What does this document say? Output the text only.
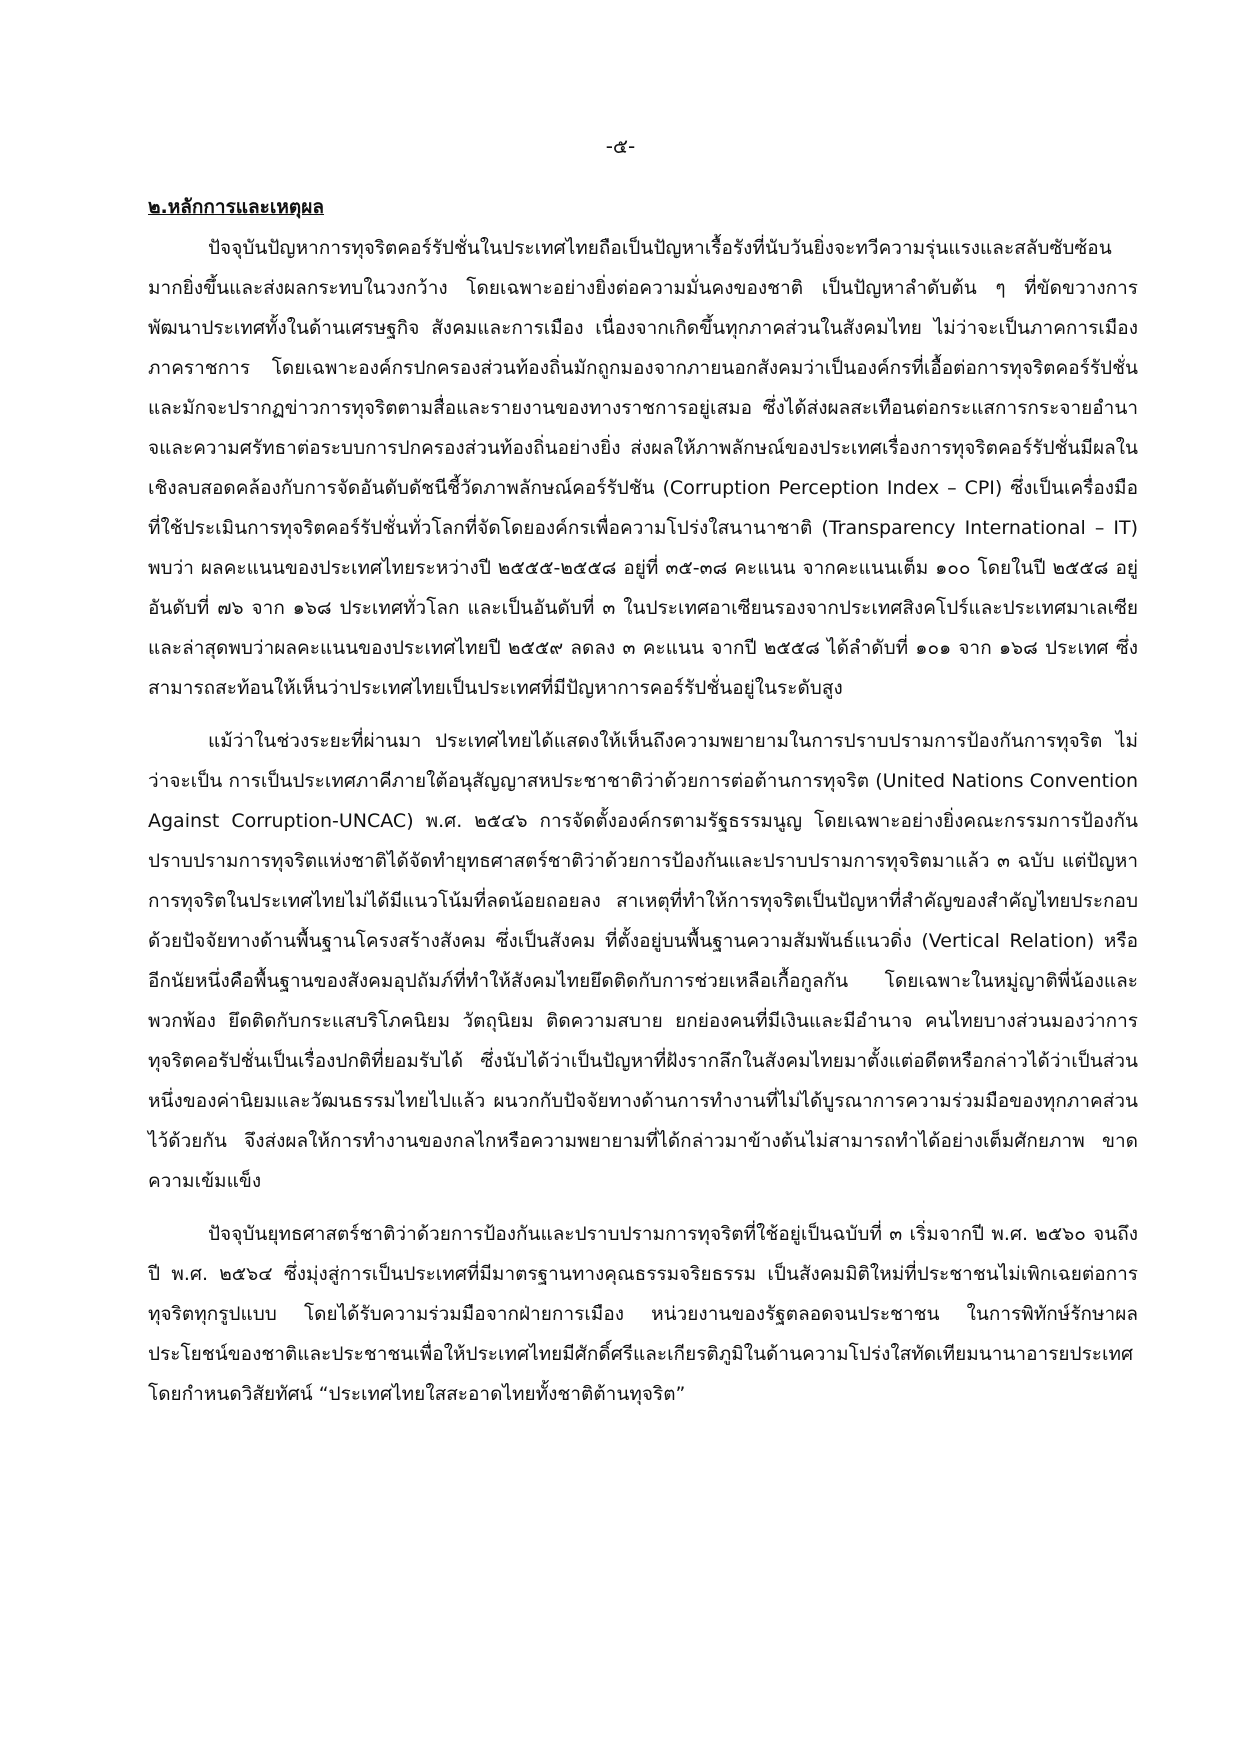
-๕-
๒.หลักการและเหตุผล

ปัจจุบันปัญหาการทุจริตคอร์รัปชั่นในประเทศไทยถือเป็นปัญหาเรื้อรังที่นับวันยิ่งจะทวีความรุ่นแรงและสลับซับซ้อนมากยิ่งขึ้นและส่งผลกระทบในวงกว้าง โดยเฉพาะอย่างยิ่งต่อความมั่นคงของชาติ เป็นปัญหาลำดับต้น ๆ ที่ขัดขวางการพัฒนาประเทศทั้งในด้านเศรษฐกิจ สังคมและการเมือง เนื่องจากเกิดขึ้นทุกภาคส่วนในสังคมไทย ไม่ว่าจะเป็นภาคการเมือง ภาคราชการ โดยเฉพาะองค์กรปกครองส่วนท้องถิ่นมักถูกมองจากภายนอกสังคมว่าเป็นองค์กรที่เอื้อต่อการทุจริตคอร์รัปชั่นและมักจะปรากฏข่าวการทุจริตตามสื่อและรายงานของทางราชการอยู่เสมอ ซึ่งได้ส่งผลสะเทือนต่อกระแสการกระจายอำนาจและความศรัทธาต่อระบบการปกครองส่วนท้องถิ่นอย่างยิ่ง ส่งผลให้ภาพลักษณ์ของประเทศเรื่องการทุจริตคอร์รัปชั่นมีผลในเชิงลบสอดคล้องกับการจัดอันดับดัชนีชี้วัดภาพลักษณ์คอร์รัปชัน (Corruption Perception Index – CPI) ซึ่งเป็นเครื่องมือที่ใช้ประเมินการทุจริตคอร์รัปชั่นทั่วโลกที่จัดโดยองค์กรเพื่อความโปร่งใสนานาชาติ (Transparency International – IT) พบว่า ผลคะแนนของประเทศไทยระหว่างปี ๒๕๕๕-๒๕๕๘ อยู่ที่ ๓๕-๓๘ คะแนน จากคะแนนเต็ม ๑๐๐ โดยในปี ๒๕๕๘ อยู่อันดับที่ ๗๖ จาก ๑๖๘ ประเทศทั่วโลก และเป็นอันดับที่ ๓ ในประเทศอาเซียนรองจากประเทศสิงคโปร์และประเทศมาเลเซีย และล่าสุดพบว่าผลคะแนนของประเทศไทยปี ๒๕๕๙ ลดลง ๓ คะแนน จากปี ๒๕๕๘ ได้ลำดับที่ ๑๐๑ จาก ๑๖๘ ประเทศ ซึ่งสามารถสะท้อนให้เห็นว่าประเทศไทยเป็นประเทศที่มีปัญหาการคอร์รัปชั่นอยู่ในระดับสูง

แม้ว่าในช่วงระยะที่ผ่านมา ประเทศไทยได้แสดงให้เห็นถึงความพยายามในการปราบปรามการป้องกันการทุจริต ไม่ว่าจะเป็น การเป็นประเทศภาคีภายใต้อนุสัญญาสหประชาชาติว่าด้วยการต่อต้านการทุจริต (United Nations Convention Against Corruption-UNCAC) พ.ศ. ๒๕๔๖ การจัดตั้งองค์กรตามรัฐธรรมนูญ โดยเฉพาะอย่างยิ่งคณะกรรมการป้องกันปราบปรามการทุจริตแห่งชาติได้จัดทำยุทธศาสตร์ชาติว่าด้วยการป้องกันและปราบปรามการทุจริตมาแล้ว ๓ ฉบับ แต่ปัญหาการทุจริตในประเทศไทยไม่ได้มีแนวโน้มที่ลดน้อยถอยลง สาเหตุที่ทำให้การทุจริตเป็นปัญหาที่สำคัญของสำคัญไทยประกอบด้วยปัจจัยทางด้านพื้นฐานโครงสร้างสังคม ซึ่งเป็นสังคม ที่ตั้งอยู่บนพื้นฐานความสัมพันธ์แนวดิ่ง (Vertical Relation) หรืออีกนัยหนึ่งคือพื้นฐานของสังคมอุปถัมภ์ที่ทำให้สังคมไทยยึดติดกับการช่วยเหลือเกื้อกูลกัน โดยเฉพาะในหมู่ญาติพี่น้องและพวกพ้อง ยึดติดกับกระแสบริโภคนิยม วัตถุนิยม ติดความสบาย ยกย่องคนที่มีเงินและมีอำนาจ คนไทยบางส่วนมองว่าการทุจริตคอรัปชั่นเป็นเรื่องปกติที่ยอมรับได้ ซึ่งนับได้ว่าเป็นปัญหาที่ฝังรากลึกในสังคมไทยมาตั้งแต่อดีตหรือกล่าวได้ว่าเป็นส่วนหนึ่งของค่านิยมและวัฒนธรรมไทยไปแล้ว ผนวกกับปัจจัยทางด้านการทำงานที่ไม่ได้บูรณาการความร่วมมือของทุกภาคส่วนไว้ด้วยกัน จึงส่งผลให้การทำงานของกลไกหรือความพยายามที่ได้กล่าวมาข้างต้นไม่สามารถทำได้อย่างเต็มศักยภาพ ขาดความเข้มแข็ง

ปัจจุบันยุทธศาสตร์ชาติว่าด้วยการป้องกันและปราบปรามการทุจริตที่ใช้อยู่เป็นฉบับที่ ๓ เริ่มจากปี พ.ศ. ๒๕๖๐ จนถึงปี พ.ศ. ๒๕๖๔ ซึ่งมุ่งสู่การเป็นประเทศที่มีมาตรฐานทางคุณธรรมจริยธรรม เป็นสังคมมิติใหม่ที่ประชาชนไม่เพิกเฉยต่อการทุจริตทุกรูปแบบ โดยได้รับความร่วมมือจากฝ่ายการเมือง หน่วยงานของรัฐตลอดจนประชาชน ในการพิทักษ์รักษาผลประโยชน์ของชาติและประชาชนเพื่อให้ประเทศไทยมีศักดิ์ศรีและเกียรติภูมิในด้านความโปร่งใสทัดเทียมนานาอารยประเทศโดยกำหนดวิสัยทัศน์ “ประเทศไทยใสสะอาดไทยทั้งชาติต้านทุจริต”
